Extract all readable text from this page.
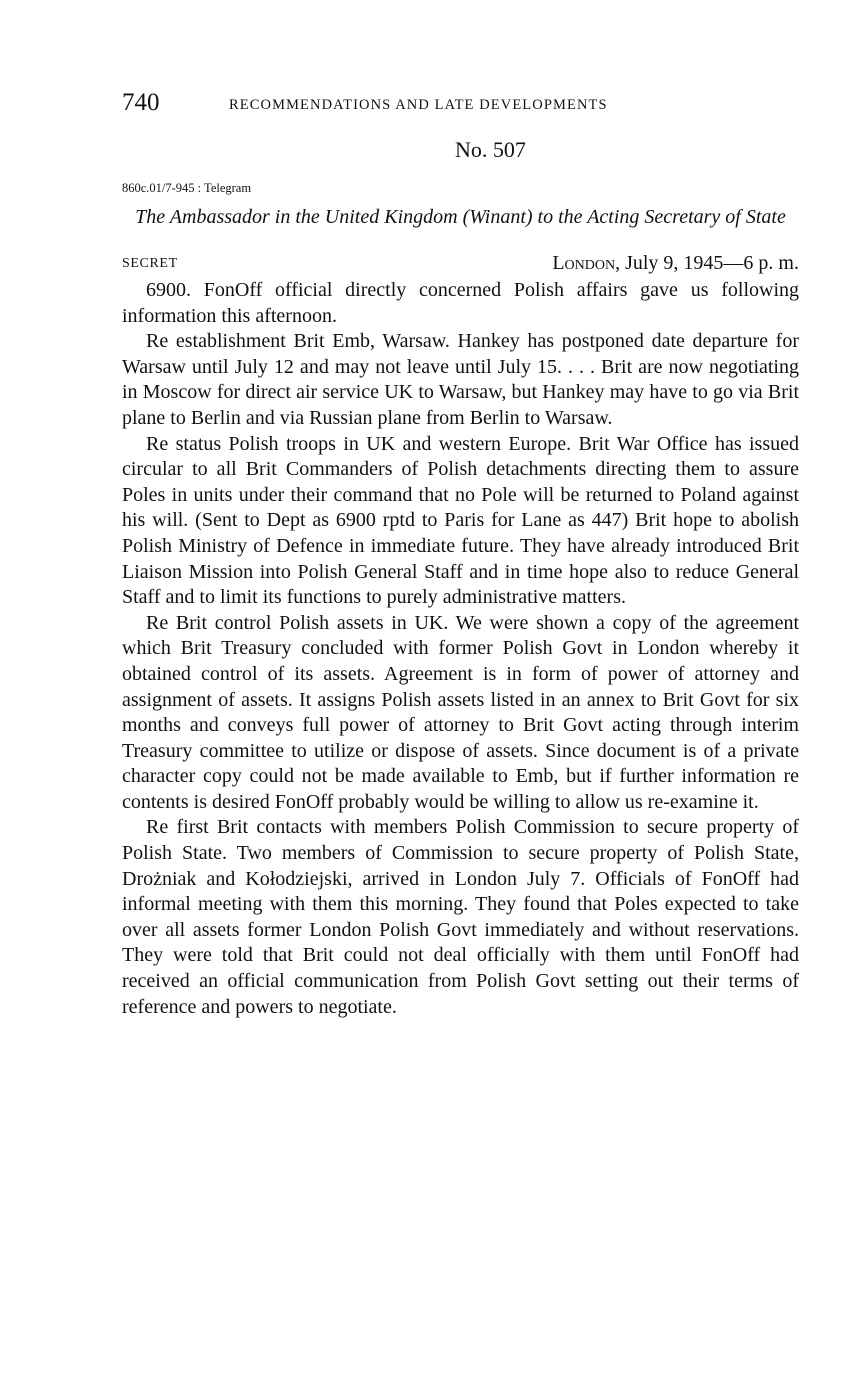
740	RECOMMENDATIONS AND LATE DEVELOPMENTS
No. 507
860c.01/7-945 : Telegram
The Ambassador in the United Kingdom (Winant) to the Acting Secretary of State
SECRET	London, July 9, 1945—6 p. m.

6900. FonOff official directly concerned Polish affairs gave us following information this afternoon.

Re establishment Brit Emb, Warsaw. Hankey has postponed date departure for Warsaw until July 12 and may not leave until July 15. . . . Brit are now negotiating in Moscow for direct air service UK to Warsaw, but Hankey may have to go via Brit plane to Berlin and via Russian plane from Berlin to Warsaw.

Re status Polish troops in UK and western Europe. Brit War Office has issued circular to all Brit Commanders of Polish detachments directing them to assure Poles in units under their command that no Pole will be returned to Poland against his will. (Sent to Dept as 6900 rptd to Paris for Lane as 447) Brit hope to abolish Polish Ministry of Defence in immediate future. They have already introduced Brit Liaison Mission into Polish General Staff and in time hope also to reduce General Staff and to limit its functions to purely administrative matters.

Re Brit control Polish assets in UK. We were shown a copy of the agreement which Brit Treasury concluded with former Polish Govt in London whereby it obtained control of its assets. Agreement is in form of power of attorney and assignment of assets. It assigns Polish assets listed in an annex to Brit Govt for six months and conveys full power of attorney to Brit Govt acting through interim Treasury committee to utilize or dispose of assets. Since document is of a private character copy could not be made available to Emb, but if further information re contents is desired FonOff probably would be willing to allow us re-examine it.

Re first Brit contacts with members Polish Commission to secure property of Polish State. Two members of Commission to secure property of Polish State, Drożniak and Kołodziejski, arrived in London July 7. Officials of FonOff had informal meeting with them this morning. They found that Poles expected to take over all assets former London Polish Govt immediately and without reservations. They were told that Brit could not deal officially with them until FonOff had received an official communication from Polish Govt setting out their terms of reference and powers to negotiate.
